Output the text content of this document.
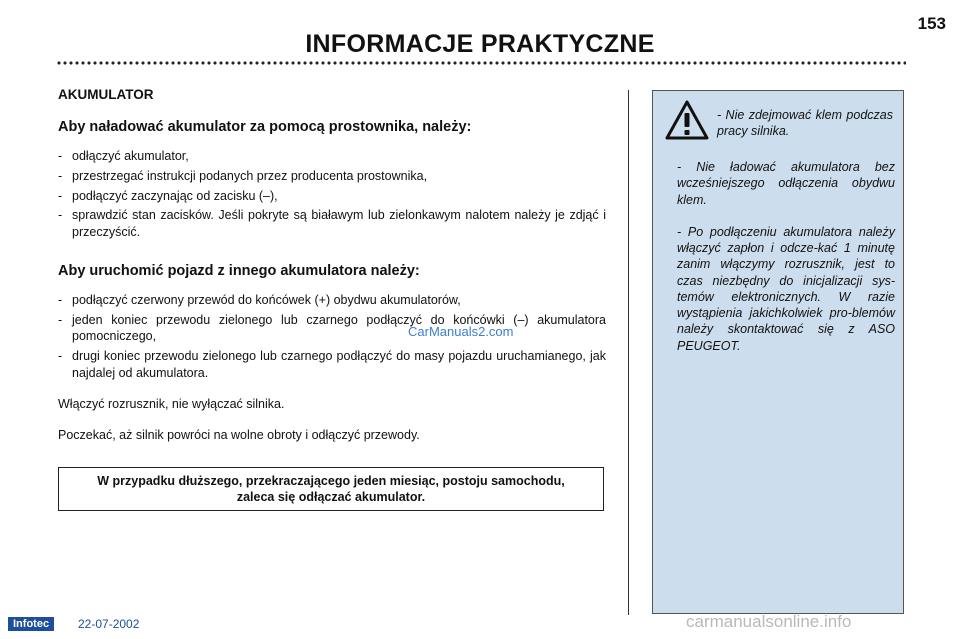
153
INFORMACJE PRAKTYCZNE
AKUMULATOR
Aby naładować akumulator za pomocą prostownika, należy:
- odłączyć akumulator,
- przestrzegać instrukcji podanych przez producenta prostownika,
- podłączyć zaczynając od zacisku (–),
- sprawdzić stan zacisków. Jeśli pokryte są białawym lub zielonkawym nalotem należy je zdjąć i przeczyścić.
Aby uruchomić pojazd z innego akumulatora należy:
- podłączyć czerwony przewód do końcówek (+) obydwu akumulatorów,
- jeden koniec przewodu zielonego lub czarnego podłączyć do końcówki (–) akumulatora pomocniczego,
- drugi koniec przewodu zielonego lub czarnego podłączyć do masy pojazdu uruchamianego, jak najdalej od akumulatora.

Włączyć rozrusznik, nie wyłączać silnika.

Poczekać, aż silnik powróci na wolne obroty i odłączyć przewody.

CarManuals2.com
W przypadku dłuższego, przekraczającego jeden miesiąc, postoju samochodu, zaleca się odłączać akumulator.
- Nie zdejmować klem podczas pracy silnika.
- Nie ładować akumulatora bez wcześniejszego odłączenia obydwu klem.
- Po podłączeniu akumulatora należy włączyć zapłon i odcze-kać 1 minutę zanim włączymy rozrusznik, jest to czas niezbędny do inicjalizacji sys-temów elektronicznych. W razie wystąpienia jakichkolwiek pro-blemów należy skontaktować się z ASO PEUGEOT.
Infotec	22-07-2002	carmanualsonline.info
